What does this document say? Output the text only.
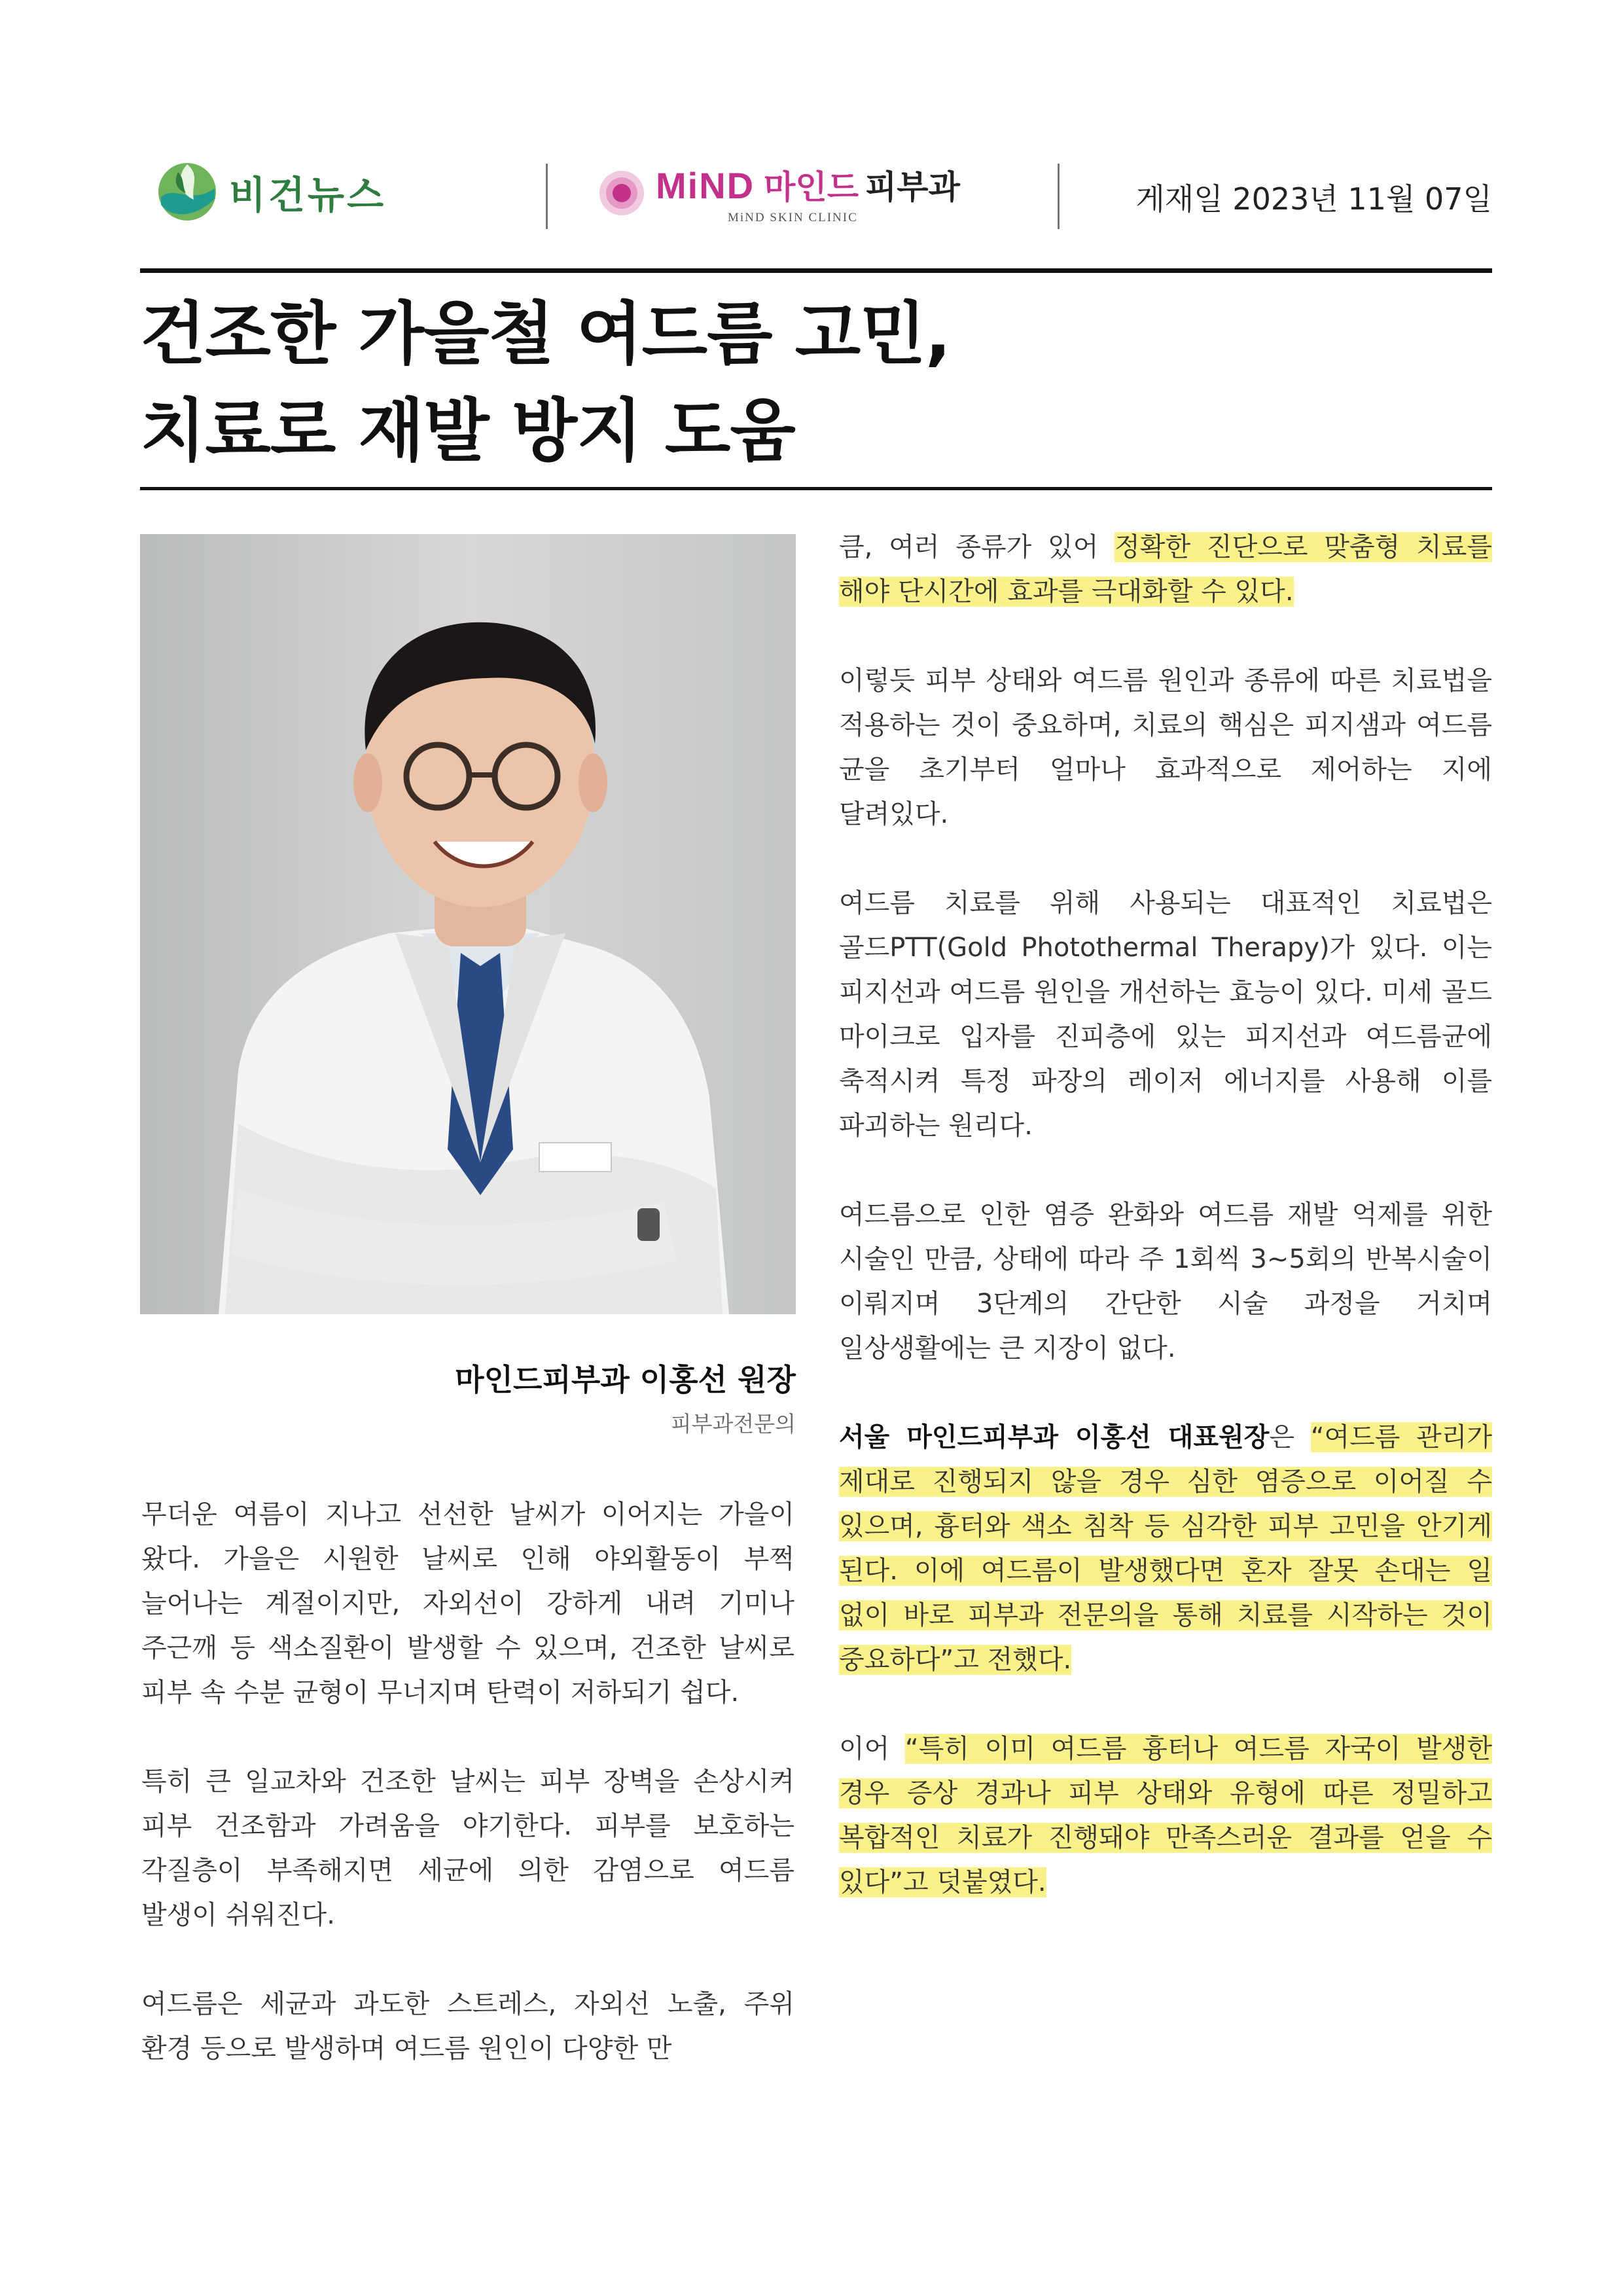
비건뉴스	MiND 마인드 피부과
MiND SKIN CLINIC
게재일 2023년 11월 07일
건조한 가을철 여드름 고민,
치료로 재발 방지 도움
마인드피부과 이홍선 원장
피부과전문의

무더운 여름이 지나고 선선한 날씨가 이어지는 가을이 왔다. 가을은 시원한 날씨로 인해 야외활동이 부쩍 늘어나는 계절이지만, 자외선이 강하게 내려 기미나 주근깨 등 색소질환이 발생할 수 있으며, 건조한 날씨로 피부 속 수분 균형이 무너지며 탄력이 저하되기 쉽다.

특히 큰 일교차와 건조한 날씨는 피부 장벽을 손상시켜 피부 건조함과 가려움을 야기한다. 피부를 보호하는 각질층이 부족해지면 세균에 의한 감염으로 여드름 발생이 쉬워진다.

여드름은 세균과 과도한 스트레스, 자외선 노출, 주위 환경 등으로 발생하며 여드름 원인이 다양한 만

큼, 여러 종류가 있어 정확한 진단으로 맞춤형 치료를 해야 단시간에 효과를 극대화할 수 있다.

이렇듯 피부 상태와 여드름 원인과 종류에 따른 치료법을 적용하는 것이 중요하며, 치료의 핵심은 피지샘과 여드름 균을 초기부터 얼마나 효과적으로 제어하는 지에 달려있다.

여드름 치료를 위해 사용되는 대표적인 치료법은 골드PTT(Gold Photothermal Therapy)가 있다. 이는 피지선과 여드름 원인을 개선하는 효능이 있다. 미세 골드 마이크로 입자를 진피층에 있는 피지선과 여드름균에 축적시켜 특정 파장의 레이저 에너지를 사용해 이를 파괴하는 원리다.

여드름으로 인한 염증 완화와 여드름 재발 억제를 위한 시술인 만큼, 상태에 따라 주 1회씩 3~5회의 반복시술이 이뤄지며 3단계의 간단한 시술 과정을 거치며 일상생활에는 큰 지장이 없다.

서울 마인드피부과 이홍선 대표원장은 “여드름 관리가 제대로 진행되지 않을 경우 심한 염증으로 이어질 수 있으며, 흉터와 색소 침착 등 심각한 피부 고민을 안기게 된다. 이에 여드름이 발생했다면 혼자 잘못 손대는 일 없이 바로 피부과 전문의을 통해 치료를 시작하는 것이 중요하다”고 전했다.

이어 “특히 이미 여드름 흉터나 여드름 자국이 발생한 경우 증상 경과나 피부 상태와 유형에 따른 정밀하고 복합적인 치료가 진행돼야 만족스러운 결과를 얻을 수 있다”고 덧붙였다.
